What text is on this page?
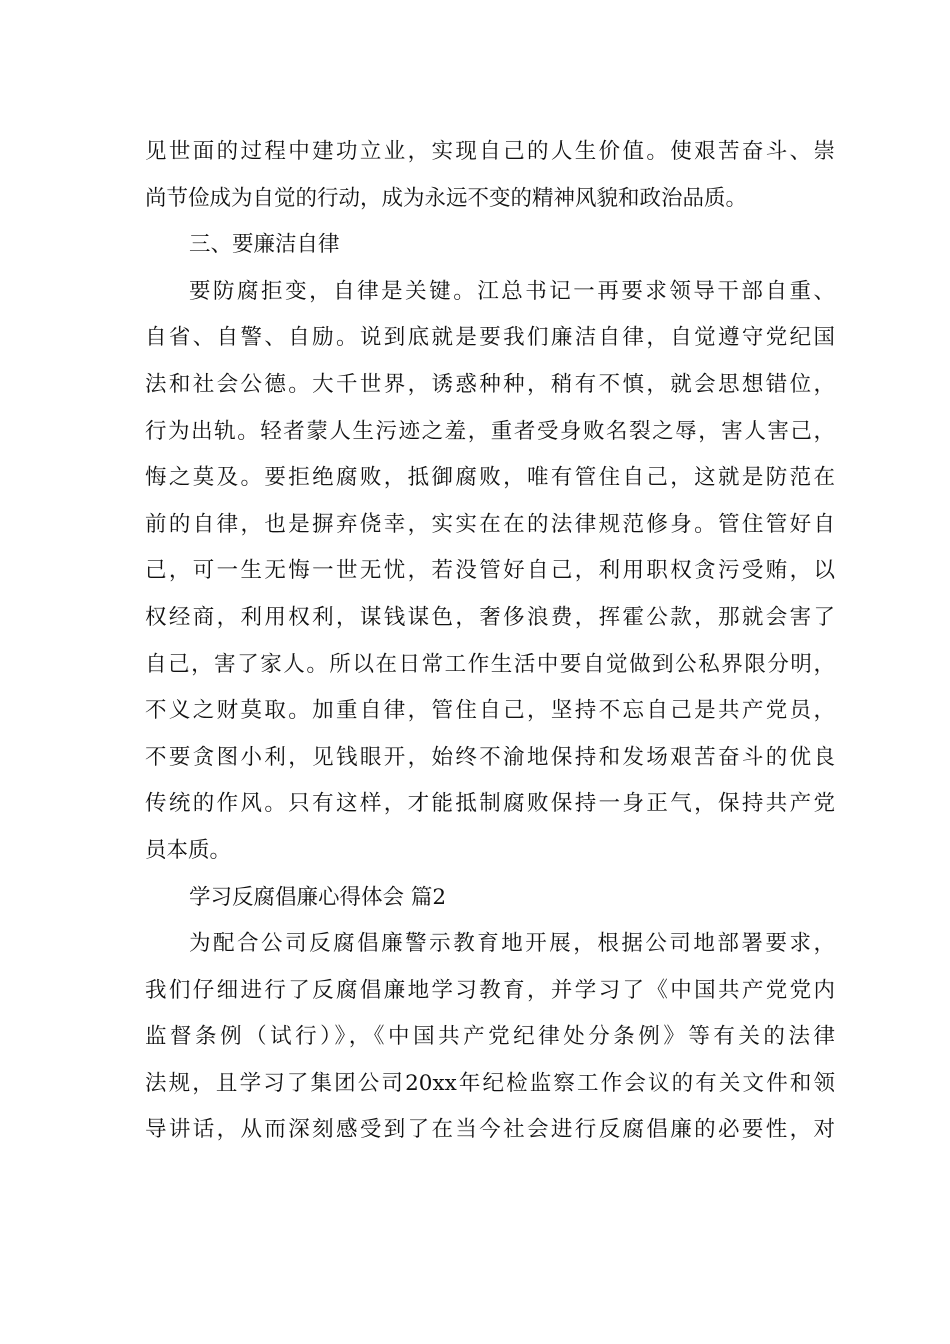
见世面的过程中建功立业，实现自己的人生价值。使艰苦奋斗、崇
尚节俭成为自觉的行动，成为永远不变的精神风貌和政治品质。
三、要廉洁自律
要防腐拒变，自律是关键。江总书记一再要求领导干部自重、
自省、自警、自励。说到底就是要我们廉洁自律，自觉遵守党纪国
法和社会公德。大千世界，诱惑种种，稍有不慎，就会思想错位，
行为出轨。轻者蒙人生污迹之羞，重者受身败名裂之辱，害人害己，
悔之莫及。要拒绝腐败，抵御腐败，唯有管住自己，这就是防范在
前的自律，也是摒弃侥幸，实实在在的法律规范修身。管住管好自
己，可一生无悔一世无忧，若没管好自己，利用职权贪污受贿，以
权经商，利用权利，谋钱谋色，奢侈浪费，挥霍公款，那就会害了
自己，害了家人。所以在日常工作生活中要自觉做到公私界限分明，
不义之财莫取。加重自律，管住自己，坚持不忘自己是共产党员，
不要贪图小利，见钱眼开，始终不渝地保持和发场艰苦奋斗的优良
传统的作风。只有这样，才能抵制腐败保持一身正气，保持共产党
员本质。
学习反腐倡廉心得体会 篇2
为配合公司反腐倡廉警示教育地开展，根据公司地部署要求，
我们仔细进行了反腐倡廉地学习教育，并学习了《中国共产党党内
监督条例（试行）》，《中国共产党纪律处分条例》等有关的法律
法规，且学习了集团公司20xx年纪检监察工作会议的有关文件和领
导讲话，从而深刻感受到了在当今社会进行反腐倡廉的必要性，对
